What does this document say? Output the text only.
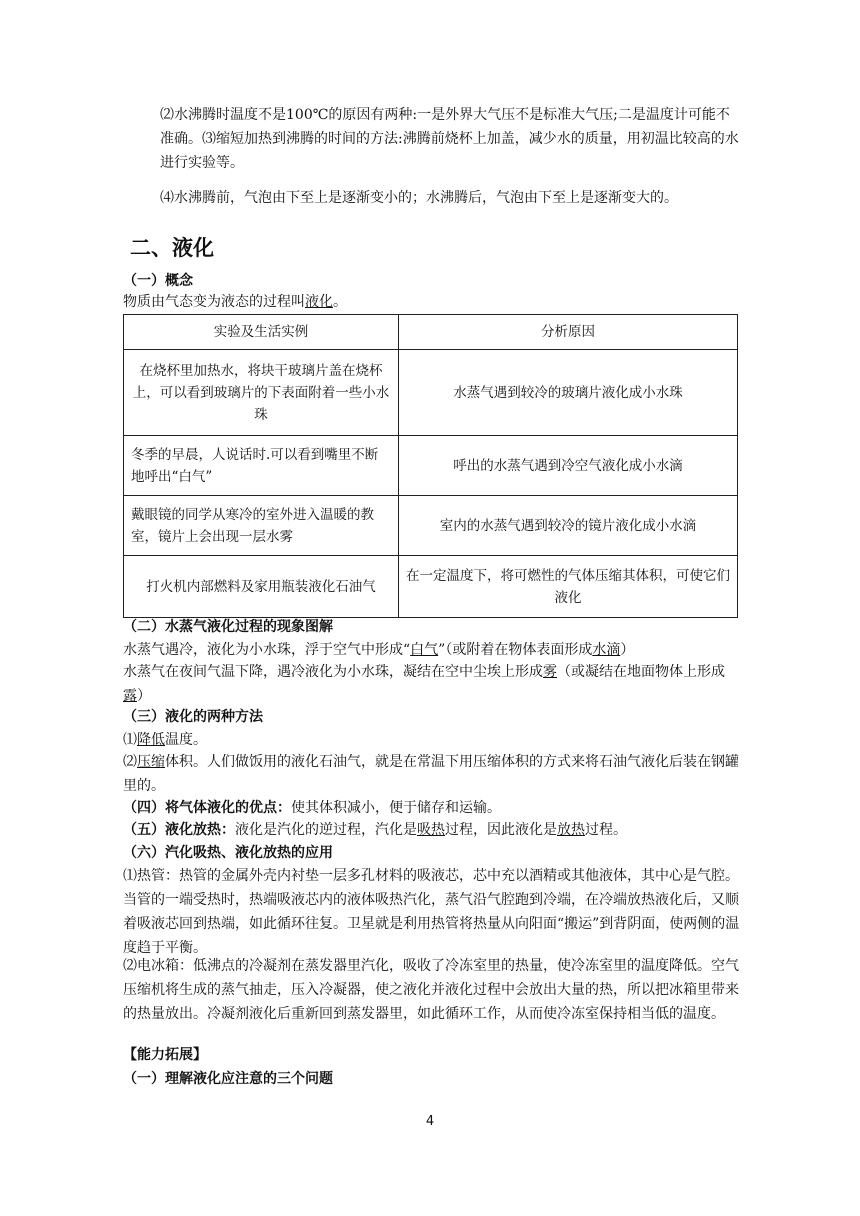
⑵水沸腾时温度不是100℃的原因有两种:一是外界大气压不是标准大气压;二是温度计可能不准确。⑶缩短加热到沸腾的时间的方法:沸腾前烧杯上加盖，减少水的质量，用初温比较高的水进行实验等。

⑷水沸腾前，气泡由下至上是逐渐变小的；水沸腾后，气泡由下至上是逐渐变大的。

二、液化
（一）概念

物质由气态变为液态的过程叫液化。

实验及生活实例	分析原因
在烧杯里加热水，将块干玻璃片盖在烧杯上，可以看到玻璃片的下表面附着一些小水珠	水蒸气遇到较冷的玻璃片液化成小水珠
冬季的早晨，人说话时.可以看到嘴里不断地呼出“白气”	呼出的水蒸气遇到冷空气液化成小水滴
戴眼镜的同学从寒冷的室外进入温暖的教室，镜片上会出现一层水雾	室内的水蒸气遇到较冷的镜片液化成小水滴
打火机内部燃料及家用瓶装液化石油气	在一定温度下，将可燃性的气体压缩其体积，可使它们液化
（二）水蒸气液化过程的现象图解

水蒸气遇冷，液化为小水珠，浮于空气中形成“白气”（或附着在物体表面形成水滴）

水蒸气在夜间气温下降，遇冷液化为小水珠，凝结在空中尘埃上形成雾（或凝结在地面物体上形成露）

（三）液化的两种方法

⑴降低温度。

⑵压缩体积。人们做饭用的液化石油气，就是在常温下用压缩体积的方式来将石油气液化后装在钢罐里的。

（四）将气体液化的优点：使其体积减小，便于储存和运输。

（五）液化放热：液化是汽化的逆过程，汽化是吸热过程，因此液化是放热过程。

（六）汽化吸热、液化放热的应用

⑴热管：热管的金属外壳内衬垫一层多孔材料的吸液芯，芯中充以酒精或其他液体，其中心是气腔。当管的一端受热时，热端吸液芯内的液体吸热汽化，蒸气沿气腔跑到冷端，在冷端放热液化后，又顺着吸液芯回到热端，如此循环往复。卫星就是利用热管将热量从向阳面“搬运”到背阴面，使两侧的温度趋于平衡。

⑵电冰箱：低沸点的冷凝剂在蒸发器里汽化，吸收了冷冻室里的热量，使冷冻室里的温度降低。空气压缩机将生成的蒸气抽走，压入冷凝器，使之液化并液化过程中会放出大量的热，所以把冰箱里带来的热量放出。冷凝剂液化后重新回到蒸发器里，如此循环工作，从而使冷冻室保持相当低的温度。

【能力拓展】
（一）理解液化应注意的三个问题
4
